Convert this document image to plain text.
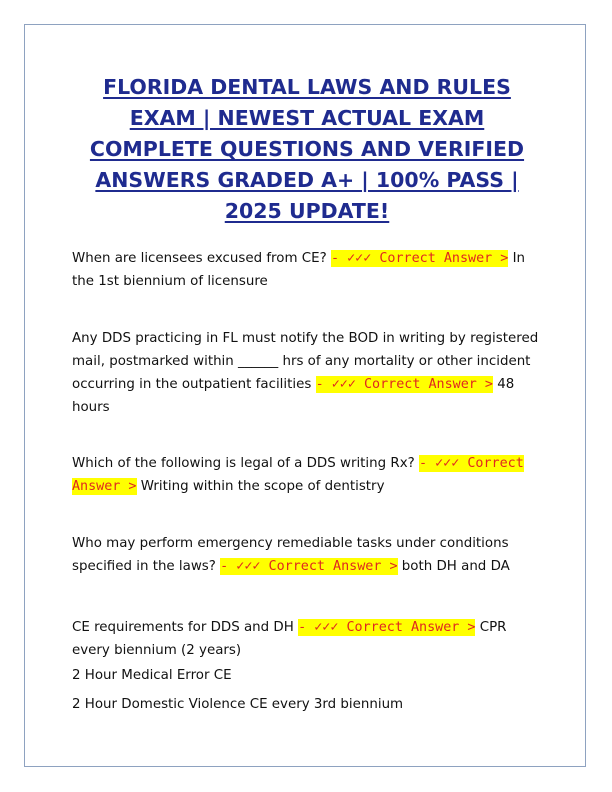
FLORIDA DENTAL LAWS AND RULES EXAM | NEWEST ACTUAL EXAM COMPLETE QUESTIONS AND VERIFIED ANSWERS GRADED A+ | 100% PASS | 2025 UPDATE!
When are licensees excused from CE? - ✓✓✓ Correct Answer > In the 1st biennium of licensure
Any DDS practicing in FL must notify the BOD in writing by registered mail, postmarked within ______ hrs of any mortality or other incident occurring in the outpatient facilities - ✓✓✓ Correct Answer > 48 hours
Which of the following is legal of a DDS writing Rx? - ✓✓✓ Correct Answer > Writing within the scope of dentistry
Who may perform emergency remediable tasks under conditions specified in the laws? - ✓✓✓ Correct Answer > both DH and DA
CE requirements for DDS and DH - ✓✓✓ Correct Answer > CPR every biennium (2 years)
2 Hour Medical Error CE
2 Hour Domestic Violence CE every 3rd biennium
